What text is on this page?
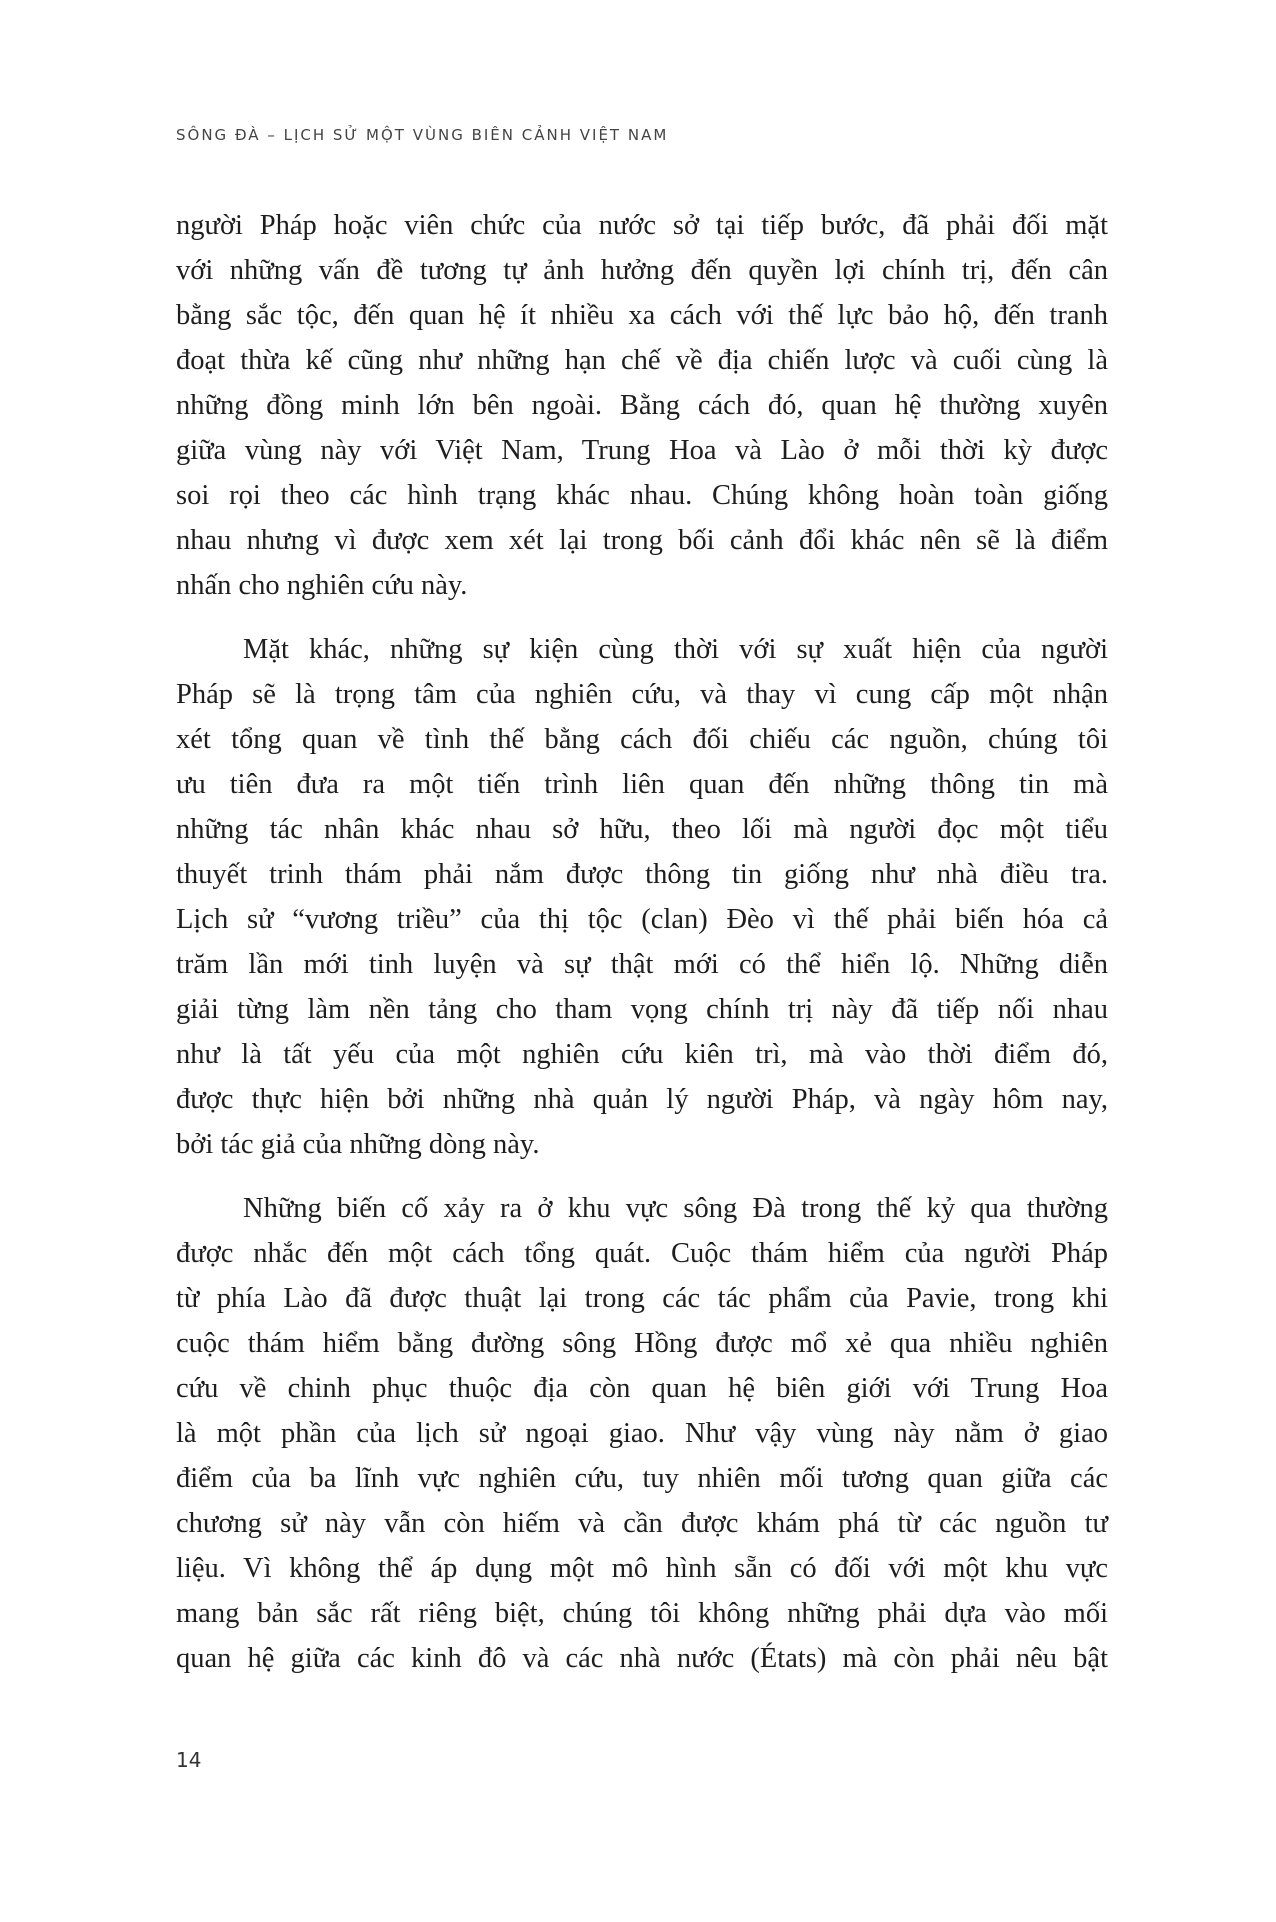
SÔNG ĐÀ – LỊCH SỬ MỘT VÙNG BIÊN CẢNH VIỆT NAM
người Pháp hoặc viên chức của nước sở tại tiếp bước, đã phải đối mặt
với những vấn đề tương tự ảnh hưởng đến quyền lợi chính trị, đến cân
bằng sắc tộc, đến quan hệ ít nhiều xa cách với thế lực bảo hộ, đến tranh
đoạt thừa kế cũng như những hạn chế về địa chiến lược và cuối cùng là
những đồng minh lớn bên ngoài. Bằng cách đó, quan hệ thường xuyên
giữa vùng này với Việt Nam, Trung Hoa và Lào ở mỗi thời kỳ được
soi rọi theo các hình trạng khác nhau. Chúng không hoàn toàn giống
nhau nhưng vì được xem xét lại trong bối cảnh đổi khác nên sẽ là điểm
nhấn cho nghiên cứu này.
Mặt khác, những sự kiện cùng thời với sự xuất hiện của người
Pháp sẽ là trọng tâm của nghiên cứu, và thay vì cung cấp một nhận
xét tổng quan về tình thế bằng cách đối chiếu các nguồn, chúng tôi
ưu tiên đưa ra một tiến trình liên quan đến những thông tin mà
những tác nhân khác nhau sở hữu, theo lối mà người đọc một tiểu
thuyết trinh thám phải nắm được thông tin giống như nhà điều tra.
Lịch sử “vương triều” của thị tộc (clan) Đèo vì thế phải biến hóa cả
trăm lần mới tinh luyện và sự thật mới có thể hiển lộ. Những diễn
giải từng làm nền tảng cho tham vọng chính trị này đã tiếp nối nhau
như là tất yếu của một nghiên cứu kiên trì, mà vào thời điểm đó,
được thực hiện bởi những nhà quản lý người Pháp, và ngày hôm nay,
bởi tác giả của những dòng này.
Những biến cố xảy ra ở khu vực sông Đà trong thế kỷ qua thường
được nhắc đến một cách tổng quát. Cuộc thám hiểm của người Pháp
từ phía Lào đã được thuật lại trong các tác phẩm của Pavie, trong khi
cuộc thám hiểm bằng đường sông Hồng được mổ xẻ qua nhiều nghiên
cứu về chinh phục thuộc địa còn quan hệ biên giới với Trung Hoa
là một phần của lịch sử ngoại giao. Như vậy vùng này nằm ở giao
điểm của ba lĩnh vực nghiên cứu, tuy nhiên mối tương quan giữa các
chương sử này vẫn còn hiếm và cần được khám phá từ các nguồn tư
liệu. Vì không thể áp dụng một mô hình sẵn có đối với một khu vực
mang bản sắc rất riêng biệt, chúng tôi không những phải dựa vào mối
quan hệ giữa các kinh đô và các nhà nước (États) mà còn phải nêu bật
14
